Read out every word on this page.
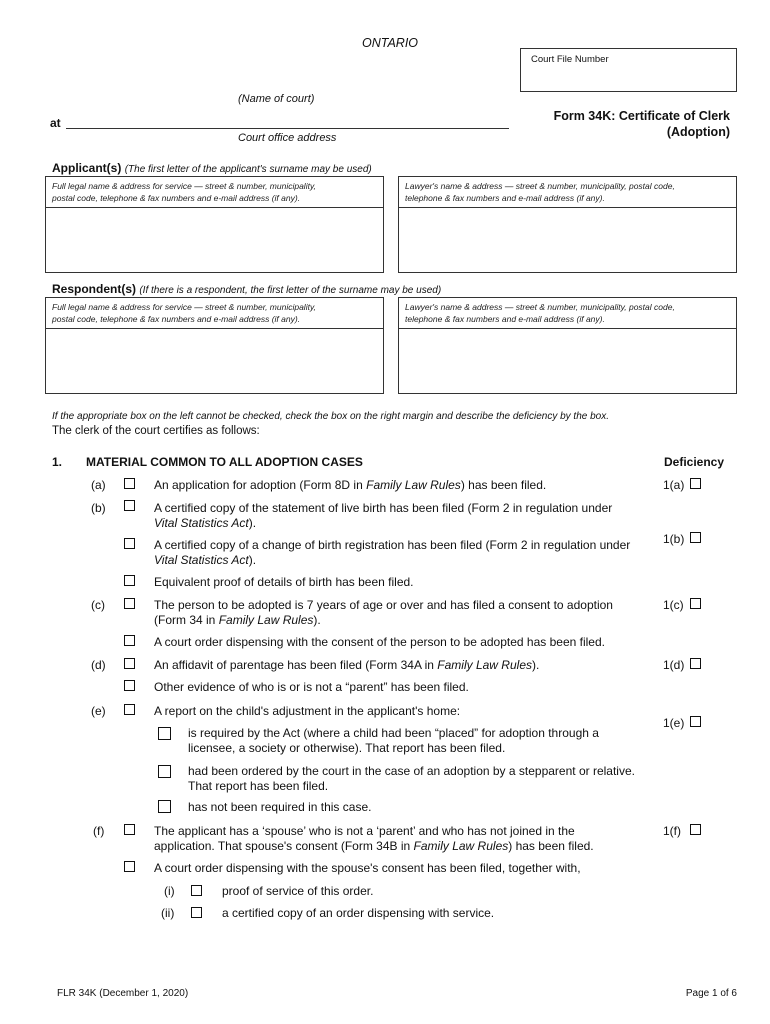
ONTARIO
Court File Number
(Name of court)
at
Court office address
Form 34K: Certificate of Clerk
(Adoption)
Applicant(s) (The first letter of the applicant's surname may be used)
Full legal name & address for service — street & number, municipality,
postal code, telephone & fax numbers and e-mail address (if any).
Lawyer's name & address — street & number, municipality, postal code,
telephone & fax numbers and e-mail address (if any).
Respondent(s) (If there is a respondent, the first letter of the surname may be used)
Full legal name & address for service — street & number, municipality,
postal code, telephone & fax numbers and e-mail address (if any).
Lawyer's name & address — street & number, municipality, postal code,
telephone & fax numbers and e-mail address (if any).
If the appropriate box on the left cannot be checked, check the box on the right margin and describe the deficiency by the box.
The clerk of the court certifies as follows:
1. MATERIAL COMMON TO ALL ADOPTION CASES	Deficiency
(a)	An application for adoption (Form 8D in Family Law Rules) has been filed.	1(a)
(b)	A certified copy of the statement of live birth has been filed (Form 2 in regulation under
Vital Statistics Act).
A certified copy of a change of birth registration has been filed (Form 2 in regulation under
Vital Statistics Act).
1(b)
Equivalent proof of details of birth has been filed.
(c)	The person to be adopted is 7 years of age or over and has filed a consent to adoption
(Form 34 in Family Law Rules).
1(c)
A court order dispensing with the consent of the person to be adopted has been filed.
(d)	An affidavit of parentage has been filed (Form 34A in Family Law Rules).	1(d)
Other evidence of who is or is not a “parent” has been filed.
(e)	A report on the child's adjustment in the applicant's home:
1(e)
is required by the Act (where a child had been “placed” for adoption through a
licensee, a society or otherwise). That report has been filed.
had been ordered by the court in the case of an adoption by a stepparent or relative.
That report has been filed.
has not been required in this case.
(f)	The applicant has a ‘spouse’ who is not a ‘parent’ and who has not joined in the
application. That spouse's consent (Form 34B in Family Law Rules) has been filed.
1(f)
A court order dispensing with the spouse's consent has been filed, together with,
(i)	proof of service of this order.
(ii)	a certified copy of an order dispensing with service.
FLR 34K (December 1, 2020)	Page 1 of 6
